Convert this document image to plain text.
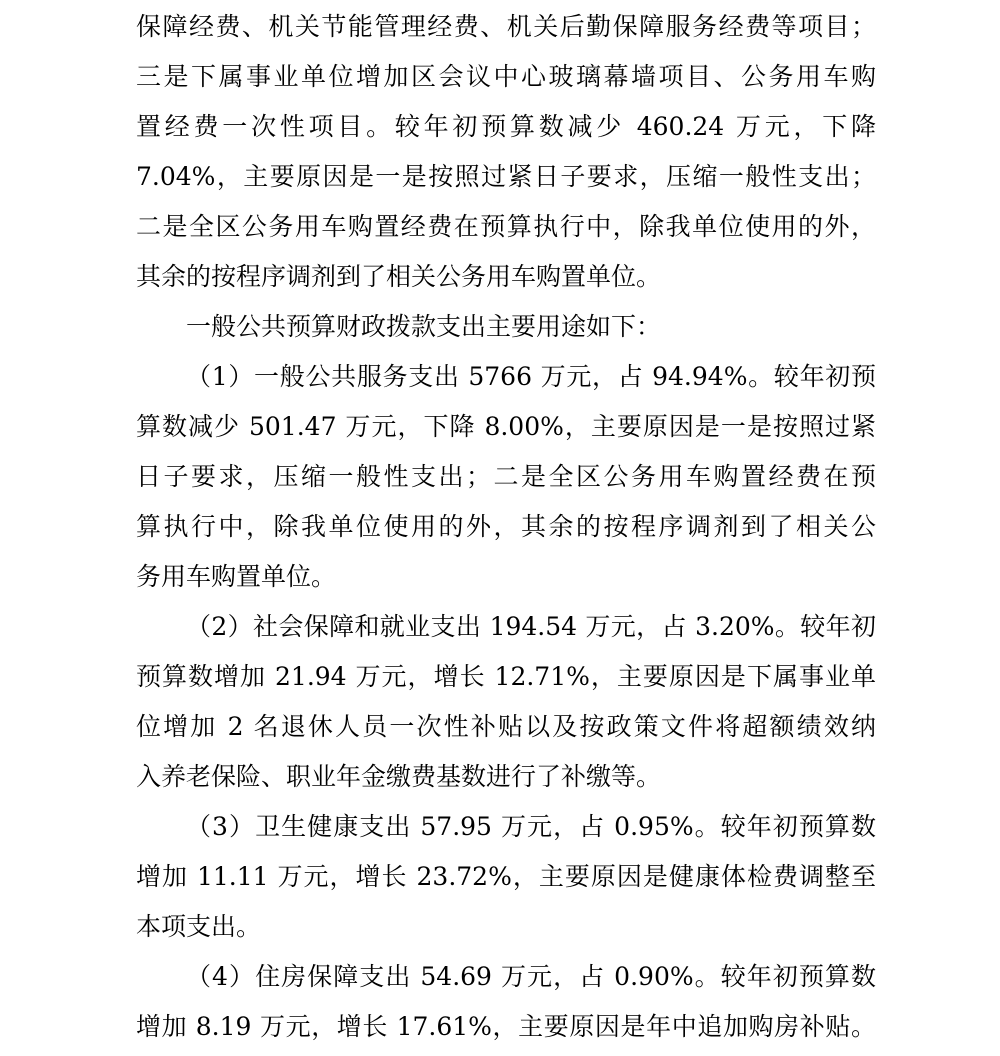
保障经费、机关节能管理经费、机关后勤保障服务经费等项目；
三是下属事业单位增加区会议中心玻璃幕墙项目、公务用车购
置经费一次性项目。较年初预算数减少 460.24 万元，下降
7.04%，主要原因是一是按照过紧日子要求，压缩一般性支出；
二是全区公务用车购置经费在预算执行中，除我单位使用的外，
其余的按程序调剂到了相关公务用车购置单位。
一般公共预算财政拨款支出主要用途如下：
（1）一般公共服务支出 5766 万元，占 94.94%。较年初预
算数减少 501.47 万元，下降 8.00%，主要原因是一是按照过紧
日子要求，压缩一般性支出；二是全区公务用车购置经费在预
算执行中，除我单位使用的外，其余的按程序调剂到了相关公
务用车购置单位。
（2）社会保障和就业支出 194.54 万元，占 3.20%。较年初
预算数增加 21.94 万元，增长 12.71%，主要原因是下属事业单
位增加 2 名退休人员一次性补贴以及按政策文件将超额绩效纳
入养老保险、职业年金缴费基数进行了补缴等。
（3）卫生健康支出 57.95 万元，占 0.95%。较年初预算数
增加 11.11 万元，增长 23.72%，主要原因是健康体检费调整至
本项支出。
（4）住房保障支出 54.69 万元，占 0.90%。较年初预算数
增加 8.19 万元，增长 17.61%，主要原因是年中追加购房补贴。
